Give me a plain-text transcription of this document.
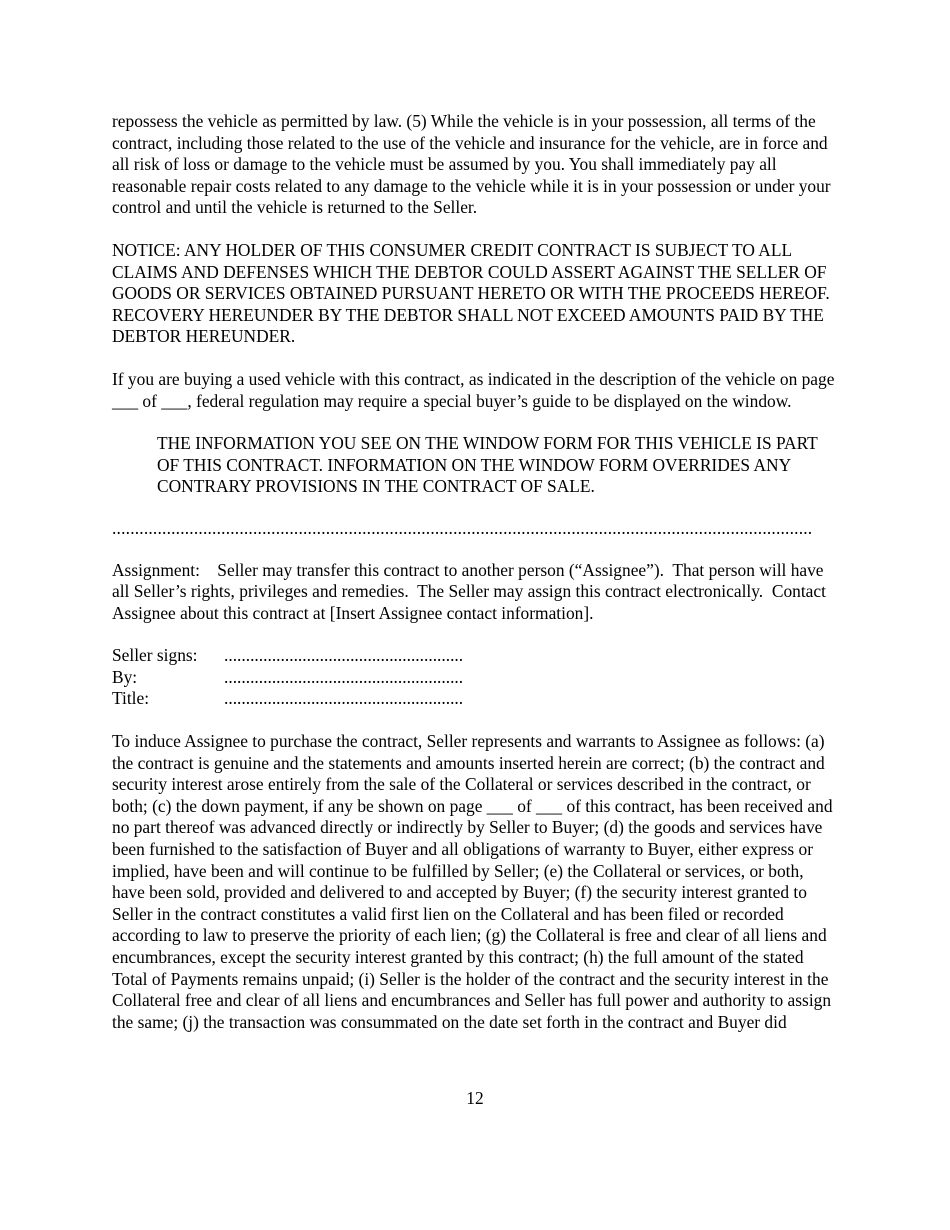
repossess the vehicle as permitted by law. (5) While the vehicle is in your possession, all terms of the contract, including those related to the use of the vehicle and insurance for the vehicle, are in force and all risk of loss or damage to the vehicle must be assumed by you. You shall immediately pay all reasonable repair costs related to any damage to the vehicle while it is in your possession or under your control and until the vehicle is returned to the Seller.

NOTICE: ANY HOLDER OF THIS CONSUMER CREDIT CONTRACT IS SUBJECT TO ALL CLAIMS AND DEFENSES WHICH THE DEBTOR COULD ASSERT AGAINST THE SELLER OF GOODS OR SERVICES OBTAINED PURSUANT HERETO OR WITH THE PROCEEDS HEREOF. RECOVERY HEREUNDER BY THE DEBTOR SHALL NOT EXCEED AMOUNTS PAID BY THE DEBTOR HEREUNDER.

If you are buying a used vehicle with this contract, as indicated in the description of the vehicle on page ___ of ___, federal regulation may require a special buyer’s guide to be displayed on the window.

THE INFORMATION YOU SEE ON THE WINDOW FORM FOR THIS VEHICLE IS PART OF THIS CONTRACT. INFORMATION ON THE WINDOW FORM OVERRIDES ANY CONTRARY PROVISIONS IN THE CONTRACT OF SALE.

..........................................................................................................................................................

Assignment:    Seller may transfer this contract to another person (“Assignee”).  That person will have all Seller’s rights, privileges and remedies.  The Seller may assign this contract electronically.  Contact Assignee about this contract at [Insert Assignee contact information].

Seller signs:	.......................................................
By:	.......................................................
Title:	.......................................................

To induce Assignee to purchase the contract, Seller represents and warrants to Assignee as follows: (a) the contract is genuine and the statements and amounts inserted herein are correct; (b) the contract and security interest arose entirely from the sale of the Collateral or services described in the contract, or both; (c) the down payment, if any be shown on page ___ of ___ of this contract, has been received and no part thereof was advanced directly or indirectly by Seller to Buyer; (d) the goods and services have been furnished to the satisfaction of Buyer and all obligations of warranty to Buyer, either express or implied, have been and will continue to be fulfilled by Seller; (e) the Collateral or services, or both, have been sold, provided and delivered to and accepted by Buyer; (f) the security interest granted to Seller in the contract constitutes a valid first lien on the Collateral and has been filed or recorded according to law to preserve the priority of each lien; (g) the Collateral is free and clear of all liens and encumbrances, except the security interest granted by this contract; (h) the full amount of the stated Total of Payments remains unpaid; (i) Seller is the holder of the contract and the security interest in the Collateral free and clear of all liens and encumbrances and Seller has full power and authority to assign the same; (j) the transaction was consummated on the date set forth in the contract and Buyer did

12
